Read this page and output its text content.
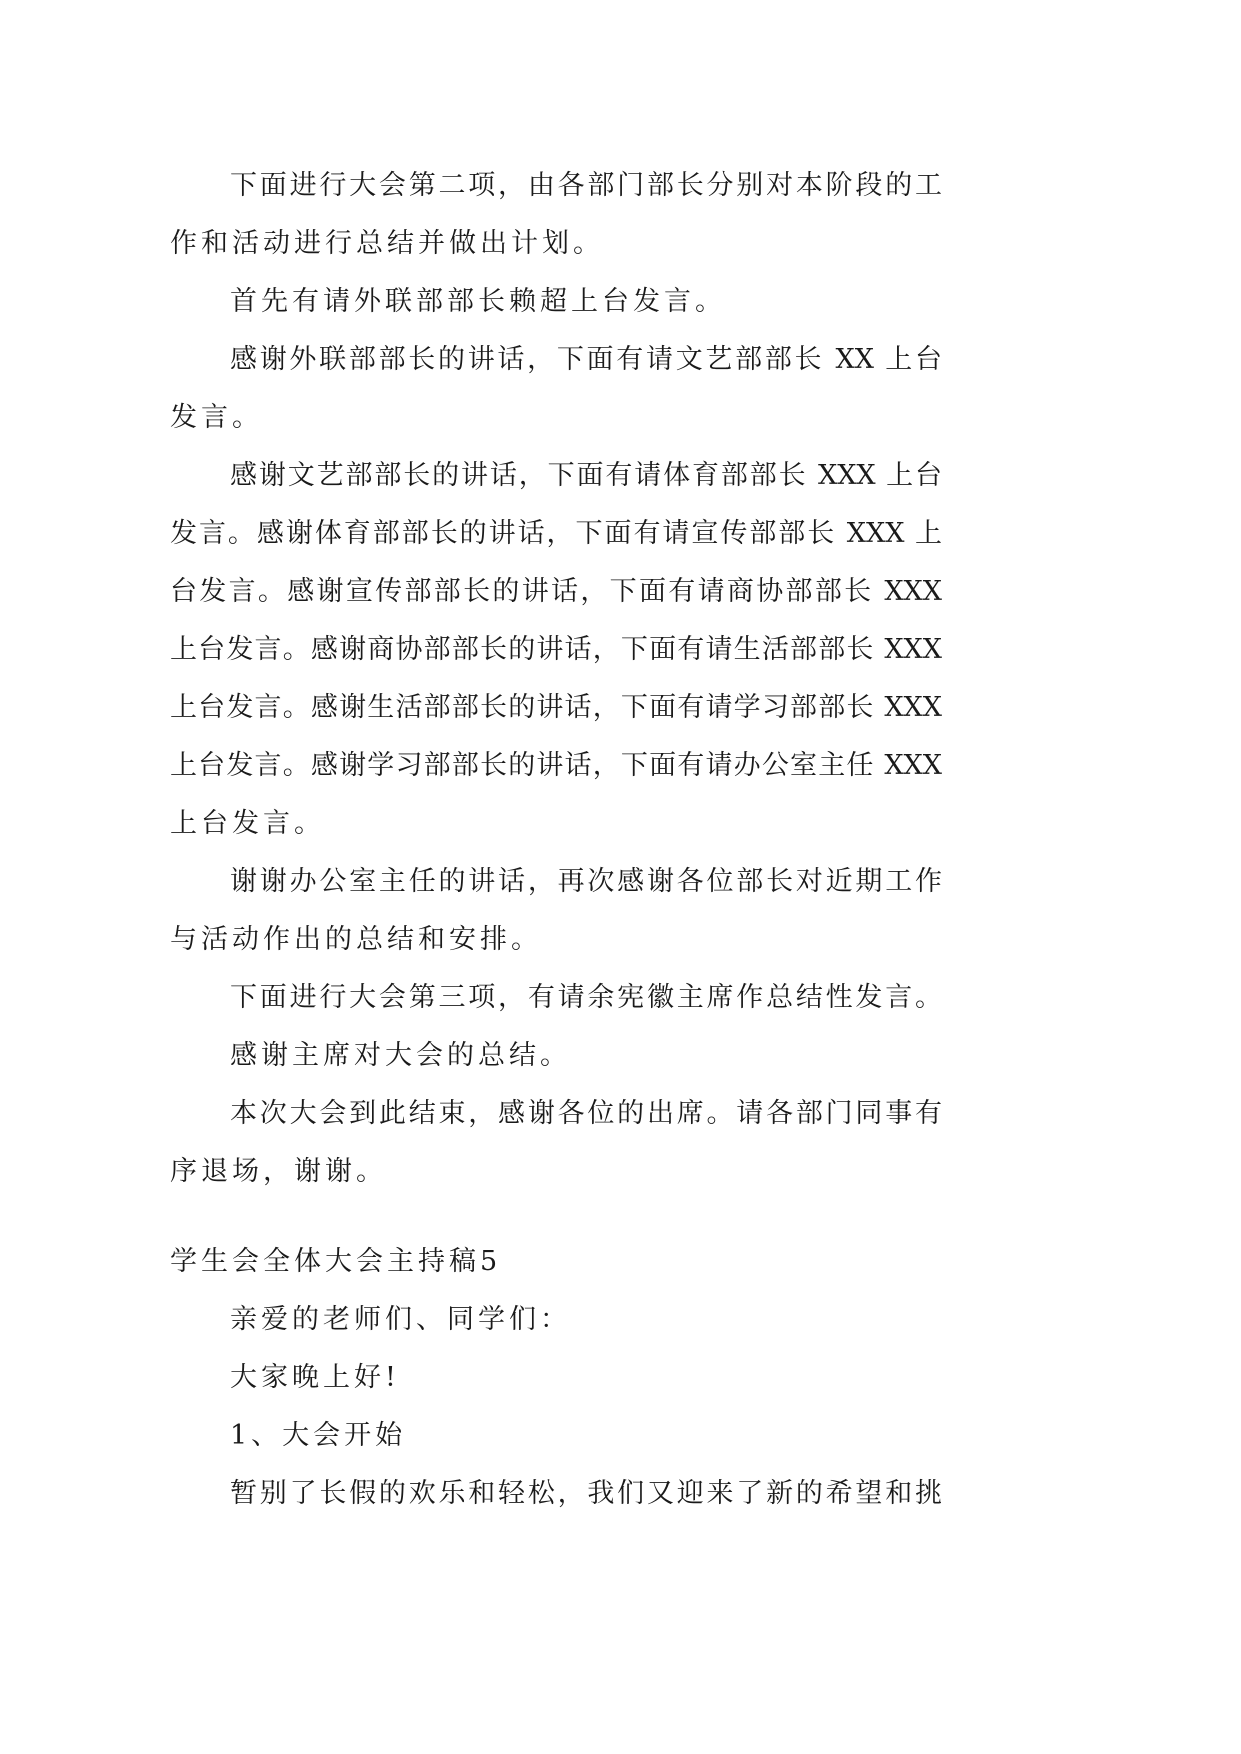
下面进行大会第二项，由各部门部长分别对本阶段的工
作和活动进行总结并做出计划。
首先有请外联部部长赖超上台发言。
感谢外联部部长的讲话，下面有请文艺部部长 XX 上台
发言。
感谢文艺部部长的讲话，下面有请体育部部长 XXX 上台
发言。感谢体育部部长的讲话，下面有请宣传部部长 XXX 上
台发言。感谢宣传部部长的讲话，下面有请商协部部长 XXX
上台发言。感谢商协部部长的讲话，下面有请生活部部长 XXX
上台发言。感谢生活部部长的讲话，下面有请学习部部长 XXX
上台发言。感谢学习部部长的讲话，下面有请办公室主任 XXX
上台发言。
谢谢办公室主任的讲话，再次感谢各位部长对近期工作
与活动作出的总结和安排。
下面进行大会第三项，有请余宪徽主席作总结性发言。
感谢主席对大会的总结。
本次大会到此结束，感谢各位的出席。请各部门同事有
序退场，谢谢。
学生会全体大会主持稿5
亲爱的老师们、同学们：
大家晚上好!
1、大会开始
暂别了长假的欢乐和轻松，我们又迎来了新的希望和挑
